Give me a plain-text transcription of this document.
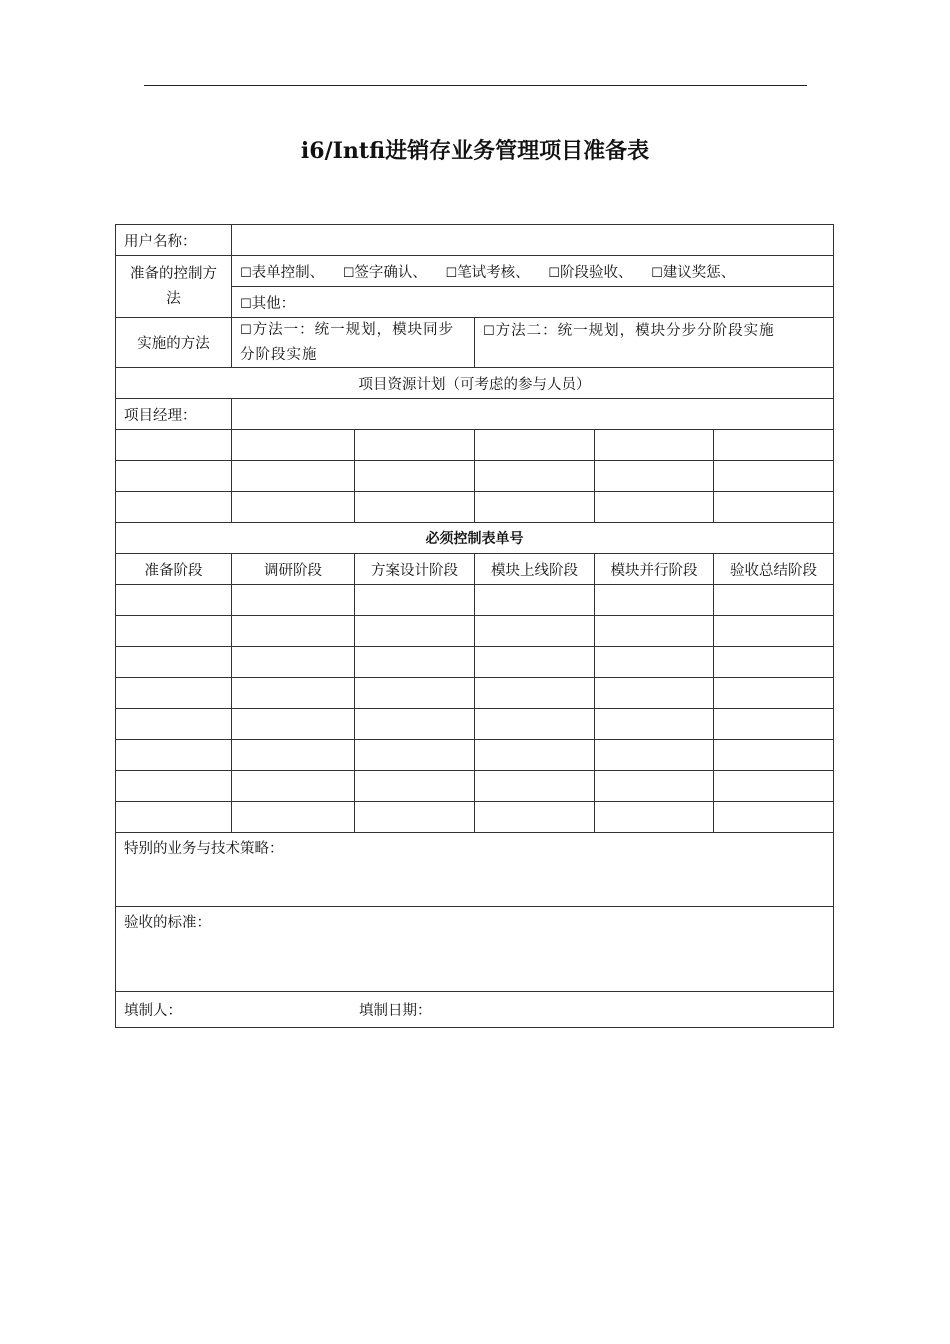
i6/Intfi进销存业务管理项目准备表
用户名称：					
准备的控制方法	☐表单控制、 ☐签字确认、 ☐笔试考核、 ☐阶段验收、 ☐建议奖惩、				
	☐其他：				
实施的方法	☐方法一：统一规划，模块同步分阶段实施		☐方法二：统一规划，模块分步分阶段实施		
项目资源计划（可考虑的参与人员）					
项目经理：					

必须控制表单号					
准备阶段	调研阶段	方案设计阶段	模块上线阶段	模块并行阶段	验收总结阶段

特别的业务与技术策略：					
验收的标准：					
填制人： 填制日期：					
